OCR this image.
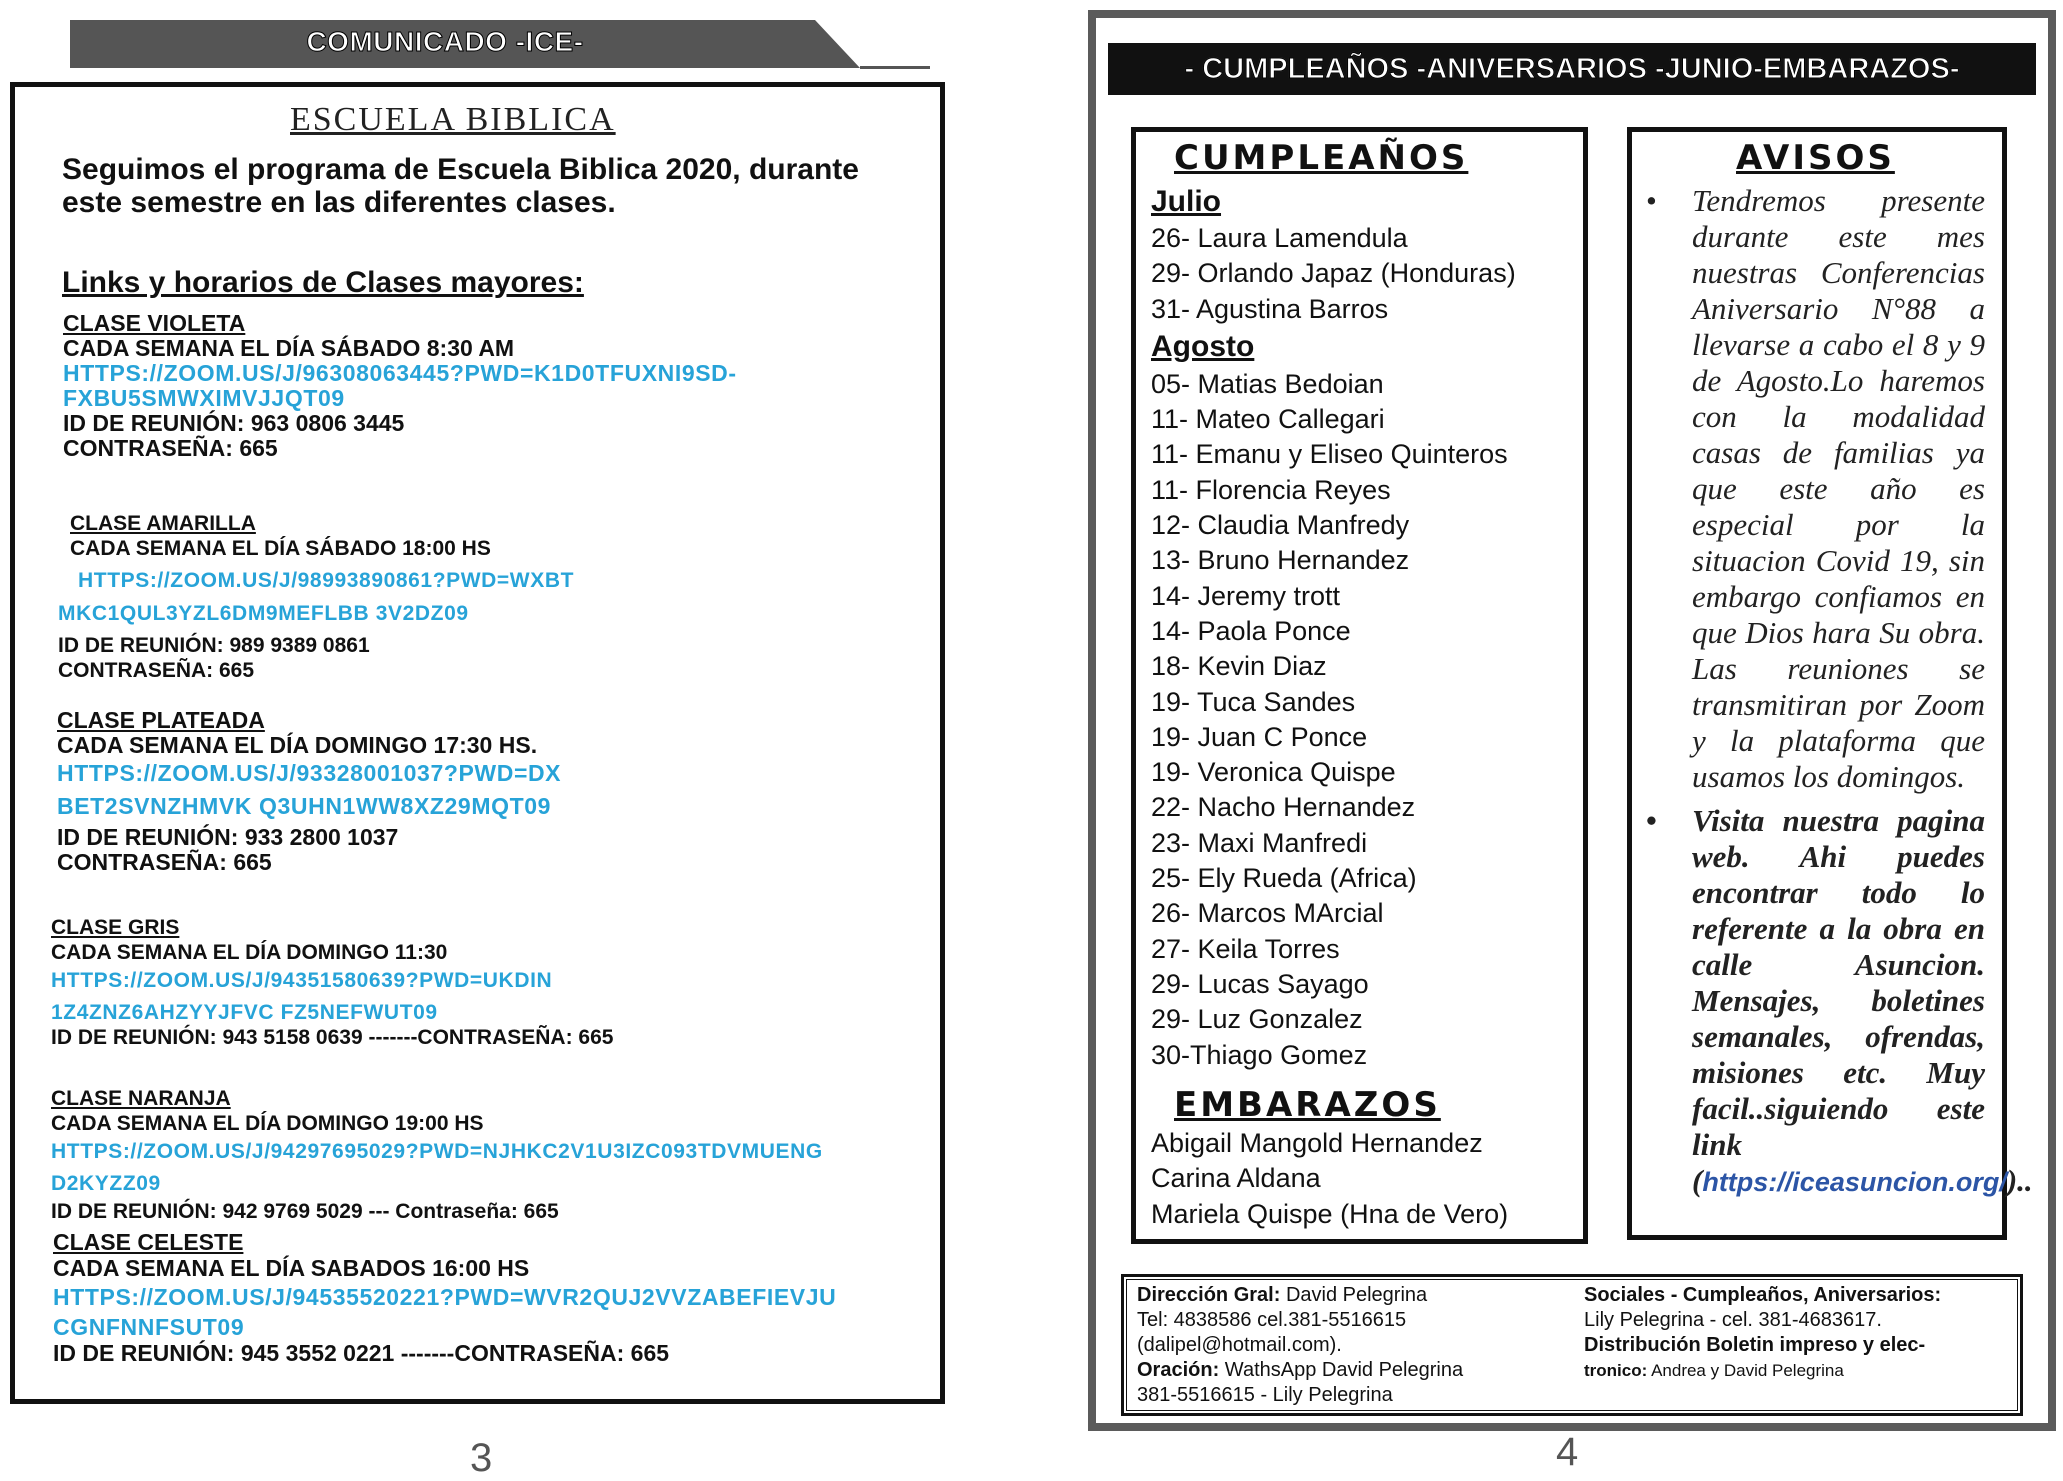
COMUNICADO -ICE-
ESCUELA BIBLICA
Seguimos el programa de Escuela Biblica 2020, durante este semestre en las diferentes clases.
Links y horarios de Clases mayores:
CLASE VIOLETA
CADA SEMANA EL DÍA SÁBADO 8:30 AM
HTTPS://ZOOM.US/J/96308063445?PWD=K1D0TFUXNI9SD-
FXBU5SMWXIMVJJQT09
ID DE REUNIÓN: 963 0806 3445
CONTRASEÑA: 665
CLASE AMARILLA
CADA SEMANA EL DÍA SÁBADO 18:00 HS
HTTPS://ZOOM.US/J/98993890861?PWD=WXBT
MKC1QUL3YZL6DM9MEFLBB 3V2DZ09
ID DE REUNIÓN: 989 9389 0861
CONTRASEÑA: 665
CLASE PLATEADA
CADA SEMANA EL DÍA DOMINGO 17:30 HS.
HTTPS://ZOOM.US/J/93328001037?PWD=DX
BET2SVNZHMVK Q3UHN1WW8XZ29MQT09
ID DE REUNIÓN: 933 2800 1037
CONTRASEÑA: 665
CLASE GRIS
CADA SEMANA EL DÍA DOMINGO 11:30
HTTPS://ZOOM.US/J/94351580639?PWD=UKDIN
1Z4ZNZ6AHZYYJFVC FZ5NEFWUT09
ID DE REUNIÓN: 943 5158 0639 -------CONTRASEÑA: 665
CLASE NARANJA
CADA SEMANA EL DÍA DOMINGO 19:00 HS
HTTPS://ZOOM.US/J/94297695029?PWD=NJHKC2V1U3IZC093TDVMUENG
D2KYZZ09
ID DE REUNIÓN: 942 9769 5029 --- Contraseña: 665
CLASE CELESTE
CADA SEMANA EL DÍA SABADOS 16:00 HS
HTTPS://ZOOM.US/J/94535520221?PWD=WVR2QUJ2VVZABEFIEVJU
CGNFNNFSUT09
ID DE REUNIÓN: 945 3552 0221 -------CONTRASEÑA: 665
3
- CUMPLEAÑOS -ANIVERSARIOS -JUNIO-EMBARAZOS-
CUMPLEAÑOS
Julio
26- Laura Lamendula
29- Orlando Japaz (Honduras)
31- Agustina Barros
Agosto
05- Matias Bedoian
11- Mateo Callegari
11- Emanu y Eliseo Quinteros
11- Florencia Reyes
12- Claudia Manfredy
13- Bruno Hernandez
14- Jeremy trott
14- Paola Ponce
18- Kevin Diaz
19- Tuca Sandes
19- Juan C Ponce
19- Veronica Quispe
22- Nacho Hernandez
23- Maxi Manfredi
25- Ely Rueda (Africa)
26- Marcos MArcial
27- Keila Torres
29- Lucas Sayago
29- Luz Gonzalez
30-Thiago Gomez
EMBARAZOS
Abigail Mangold Hernandez
Carina Aldana
Mariela Quispe (Hna de Vero)
AVISOS
• Tendremos presente durante este mes nuestras Conferencias Aniversario N°88 a llevarse a cabo el 8 y 9 de Agosto.Lo haremos con la modalidad casas de familias ya que este año es especial por la situacion Covid 19, sin embargo confiamos en que Dios hara Su obra. Las reuniones se transmitiran por Zoom y la plataforma que usamos los domingos.
• Visita nuestra pagina web. Ahi puedes encontrar todo lo referente a la obra en calle Asuncion. Mensajes, boletines semanales, ofrendas, misiones etc. Muy facil..siguiendo este link (https://iceasuncion.org/)..
Dirección Gral: David Pelegrina
Tel: 4838586 cel.381-5516615
(dalipel@hotmail.com).
Oración: WathsApp David Pelegrina
381-5516615 - Lily Pelegrina
Sociales - Cumpleaños, Aniversarios:
Lily Pelegrina - cel. 381-4683617.
Distribución Boletin impreso y elec-
tronico: Andrea y David Pelegrina
4
